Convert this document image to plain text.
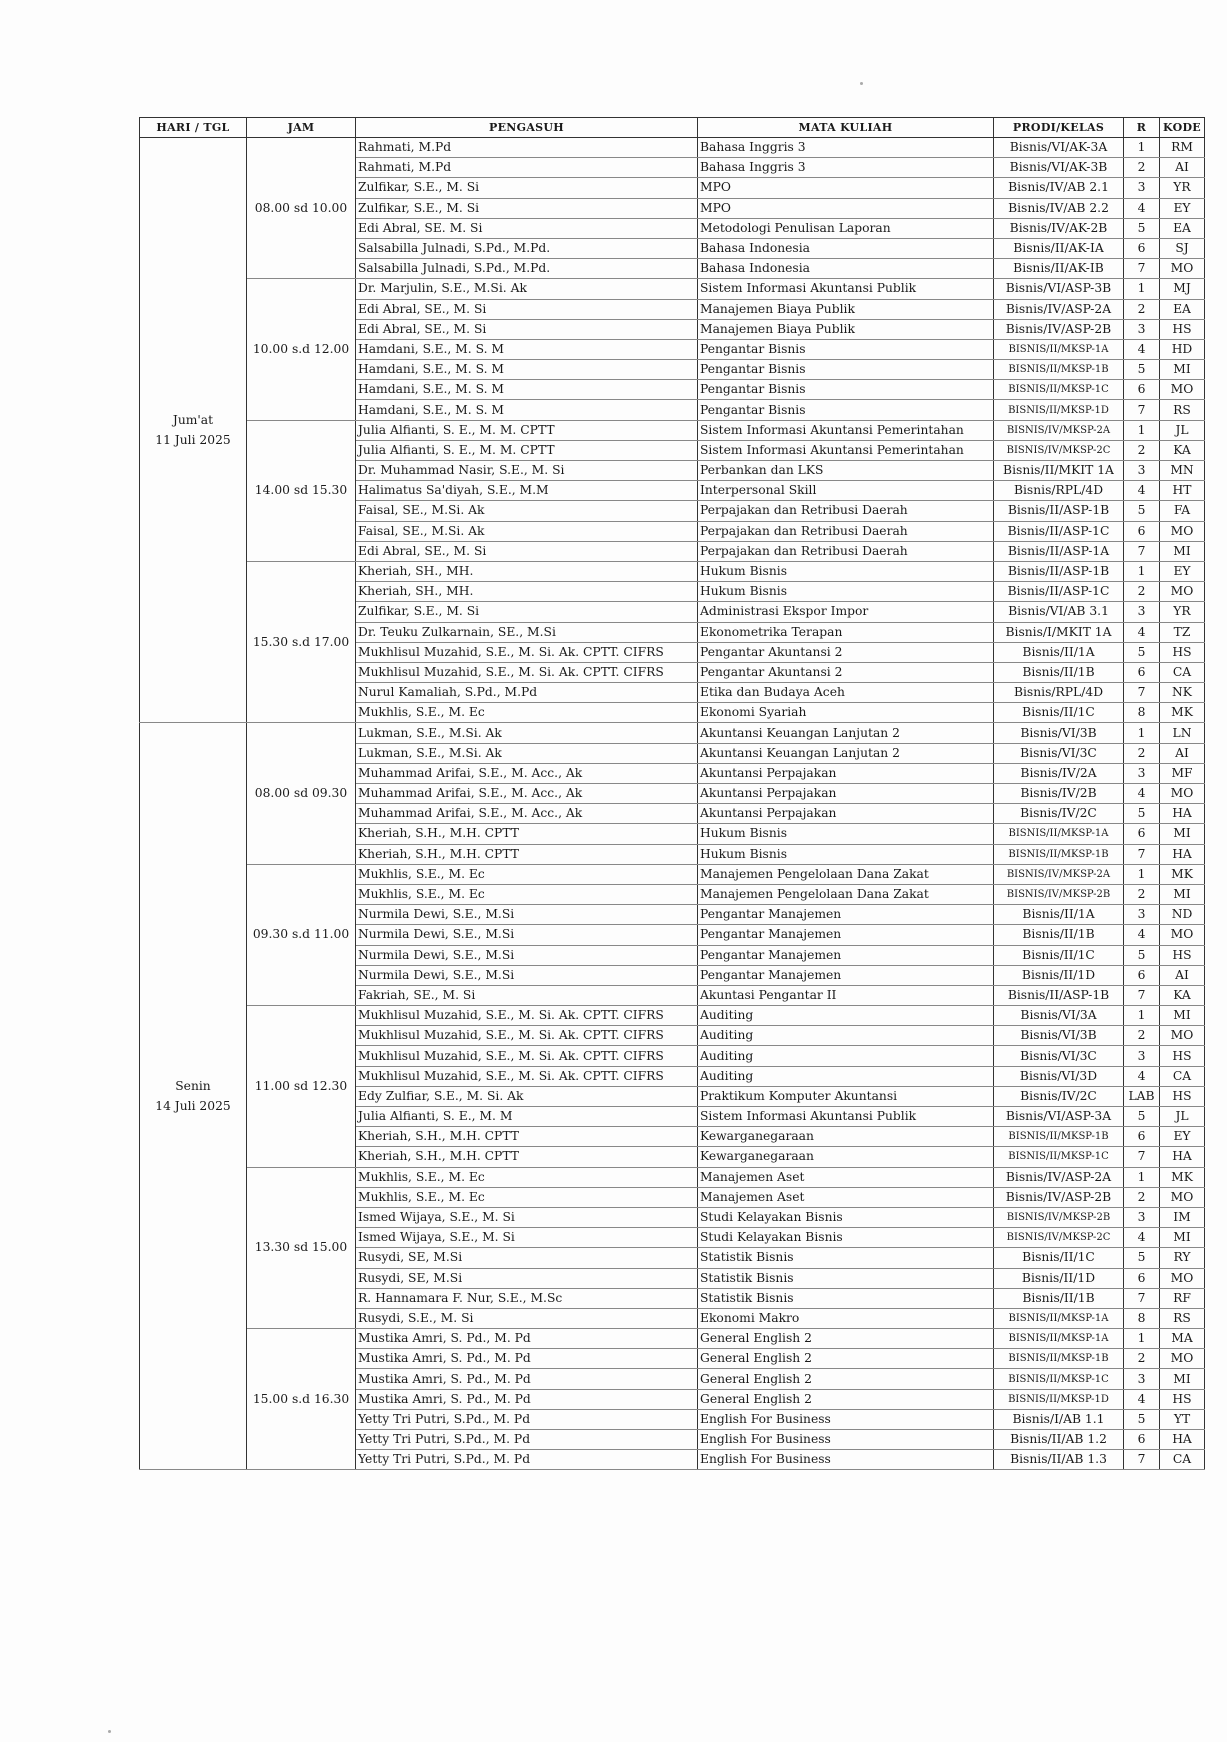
HARI / TGL	JAM	PENGASUH	MATA KULIAH	PRODI/KELAS	R	KODE

Jum'at
11 Juli 2025	08.00 sd 10.00	Rahmati, M.Pd	Bahasa Inggris 3	Bisnis/VI/AK-3A	1	RM
		Rahmati, M.Pd	Bahasa Inggris 3	Bisnis/VI/AK-3B	2	AI
		Zulfikar, S.E., M. Si	MPO	Bisnis/IV/AB 2.1	3	YR
		Zulfikar, S.E., M. Si	MPO	Bisnis/IV/AB 2.2	4	EY
		Edi Abral, SE. M. Si	Metodologi Penulisan Laporan	Bisnis/IV/AK-2B	5	EA
		Salsabilla Julnadi, S.Pd., M.Pd.	Bahasa Indonesia	Bisnis/II/AK-IA	6	SJ
		Salsabilla Julnadi, S.Pd., M.Pd.	Bahasa Indonesia	Bisnis/II/AK-IB	7	MO
	10.00 s.d 12.00	Dr. Marjulin, S.E., M.Si. Ak	Sistem Informasi Akuntansi Publik	Bisnis/VI/ASP-3B	1	MJ
		Edi Abral, SE., M. Si	Manajemen Biaya Publik	Bisnis/IV/ASP-2A	2	EA
		Edi Abral, SE., M. Si	Manajemen Biaya Publik	Bisnis/IV/ASP-2B	3	HS
		Hamdani, S.E., M. S. M	Pengantar Bisnis	BISNIS/II/MKSP-1A	4	HD
		Hamdani, S.E., M. S. M	Pengantar Bisnis	BISNIS/II/MKSP-1B	5	MI
		Hamdani, S.E., M. S. M	Pengantar Bisnis	BISNIS/II/MKSP-1C	6	MO
		Hamdani, S.E., M. S. M	Pengantar Bisnis	BISNIS/II/MKSP-1D	7	RS
	14.00 sd 15.30	Julia Alfianti, S. E., M. M. CPTT	Sistem Informasi Akuntansi Pemerintahan	BISNIS/IV/MKSP-2A	1	JL
		Julia Alfianti, S. E., M. M. CPTT	Sistem Informasi Akuntansi Pemerintahan	BISNIS/IV/MKSP-2C	2	KA
		Dr. Muhammad Nasir, S.E., M. Si	Perbankan dan LKS	Bisnis/II/MKIT 1A	3	MN
		Halimatus Sa'diyah, S.E., M.M	Interpersonal Skill	Bisnis/RPL/4D	4	HT
		Faisal, SE., M.Si. Ak	Perpajakan dan Retribusi Daerah	Bisnis/II/ASP-1B	5	FA
		Faisal, SE., M.Si. Ak	Perpajakan dan Retribusi Daerah	Bisnis/II/ASP-1C	6	MO
		Edi Abral, SE., M. Si	Perpajakan dan Retribusi Daerah	Bisnis/II/ASP-1A	7	MI
	15.30 s.d 17.00	Kheriah, SH., MH.	Hukum Bisnis	Bisnis/II/ASP-1B	1	EY
		Kheriah, SH., MH.	Hukum Bisnis	Bisnis/II/ASP-1C	2	MO
		Zulfikar, S.E., M. Si	Administrasi Ekspor Impor	Bisnis/VI/AB 3.1	3	YR
		Dr. Teuku Zulkarnain, SE., M.Si	Ekonometrika Terapan	Bisnis/I/MKIT 1A	4	TZ
		Mukhlisul Muzahid, S.E., M. Si. Ak. CPTT. CIFRS	Pengantar Akuntansi 2	Bisnis/II/1A	5	HS
		Mukhlisul Muzahid, S.E., M. Si. Ak. CPTT. CIFRS	Pengantar Akuntansi 2	Bisnis/II/1B	6	CA
		Nurul Kamaliah, S.Pd., M.Pd	Etika dan Budaya Aceh	Bisnis/RPL/4D	7	NK
		Mukhlis, S.E., M. Ec	Ekonomi Syariah	Bisnis/II/1C	8	MK

Senin
14 Juli 2025	08.00 sd 09.30	Lukman, S.E., M.Si. Ak	Akuntansi Keuangan Lanjutan 2	Bisnis/VI/3B	1	LN
		Lukman, S.E., M.Si. Ak	Akuntansi Keuangan Lanjutan 2	Bisnis/VI/3C	2	AI
		Muhammad Arifai, S.E., M. Acc., Ak	Akuntansi Perpajakan	Bisnis/IV/2A	3	MF
		Muhammad Arifai, S.E., M. Acc., Ak	Akuntansi Perpajakan	Bisnis/IV/2B	4	MO
		Muhammad Arifai, S.E., M. Acc., Ak	Akuntansi Perpajakan	Bisnis/IV/2C	5	HA
		Kheriah, S.H., M.H. CPTT	Hukum Bisnis	BISNIS/II/MKSP-1A	6	MI
		Kheriah, S.H., M.H. CPTT	Hukum Bisnis	BISNIS/II/MKSP-1B	7	HA
	09.30 s.d 11.00	Mukhlis, S.E., M. Ec	Manajemen Pengelolaan Dana Zakat	BISNIS/IV/MKSP-2A	1	MK
		Mukhlis, S.E., M. Ec	Manajemen Pengelolaan Dana Zakat	BISNIS/IV/MKSP-2B	2	MI
		Nurmila Dewi, S.E., M.Si	Pengantar Manajemen	Bisnis/II/1A	3	ND
		Nurmila Dewi, S.E., M.Si	Pengantar Manajemen	Bisnis/II/1B	4	MO
		Nurmila Dewi, S.E., M.Si	Pengantar Manajemen	Bisnis/II/1C	5	HS
		Nurmila Dewi, S.E., M.Si	Pengantar Manajemen	Bisnis/II/1D	6	AI
		Fakriah, SE., M. Si	Akuntasi Pengantar II	Bisnis/II/ASP-1B	7	KA
	11.00 sd 12.30	Mukhlisul Muzahid, S.E., M. Si. Ak. CPTT. CIFRS	Auditing	Bisnis/VI/3A	1	MI
		Mukhlisul Muzahid, S.E., M. Si. Ak. CPTT. CIFRS	Auditing	Bisnis/VI/3B	2	MO
		Mukhlisul Muzahid, S.E., M. Si. Ak. CPTT. CIFRS	Auditing	Bisnis/VI/3C	3	HS
		Mukhlisul Muzahid, S.E., M. Si. Ak. CPTT. CIFRS	Auditing	Bisnis/VI/3D	4	CA
		Edy Zulfiar, S.E., M. Si. Ak	Praktikum Komputer Akuntansi	Bisnis/IV/2C	LAB	HS
		Julia Alfianti, S. E., M. M	Sistem Informasi Akuntansi Publik	Bisnis/VI/ASP-3A	5	JL
		Kheriah, S.H., M.H. CPTT	Kewarganegaraan	BISNIS/II/MKSP-1B	6	EY
		Kheriah, S.H., M.H. CPTT	Kewarganegaraan	BISNIS/II/MKSP-1C	7	HA
	13.30 sd 15.00	Mukhlis, S.E., M. Ec	Manajemen Aset	Bisnis/IV/ASP-2A	1	MK
		Mukhlis, S.E., M. Ec	Manajemen Aset	Bisnis/IV/ASP-2B	2	MO
		Ismed Wijaya, S.E., M. Si	Studi Kelayakan Bisnis	BISNIS/IV/MKSP-2B	3	IM
		Ismed Wijaya, S.E., M. Si	Studi Kelayakan Bisnis	BISNIS/IV/MKSP-2C	4	MI
		Rusydi, SE, M.Si	Statistik Bisnis	Bisnis/II/1C	5	RY
		Rusydi, SE, M.Si	Statistik Bisnis	Bisnis/II/1D	6	MO
		R. Hannamara F. Nur, S.E., M.Sc	Statistik Bisnis	Bisnis/II/1B	7	RF
		Rusydi, S.E., M. Si	Ekonomi Makro	BISNIS/II/MKSP-1A	8	RS
	15.00 s.d 16.30	Mustika Amri, S. Pd., M. Pd	General English 2	BISNIS/II/MKSP-1A	1	MA
		Mustika Amri, S. Pd., M. Pd	General English 2	BISNIS/II/MKSP-1B	2	MO
		Mustika Amri, S. Pd., M. Pd	General English 2	BISNIS/II/MKSP-1C	3	MI
		Mustika Amri, S. Pd., M. Pd	General English 2	BISNIS/II/MKSP-1D	4	HS
		Yetty Tri Putri, S.Pd., M. Pd	English For Business	Bisnis/I/AB 1.1	5	YT
		Yetty Tri Putri, S.Pd., M. Pd	English For Business	Bisnis/II/AB 1.2	6	HA
		Yetty Tri Putri, S.Pd., M. Pd	English For Business	Bisnis/II/AB 1.3	7	CA
